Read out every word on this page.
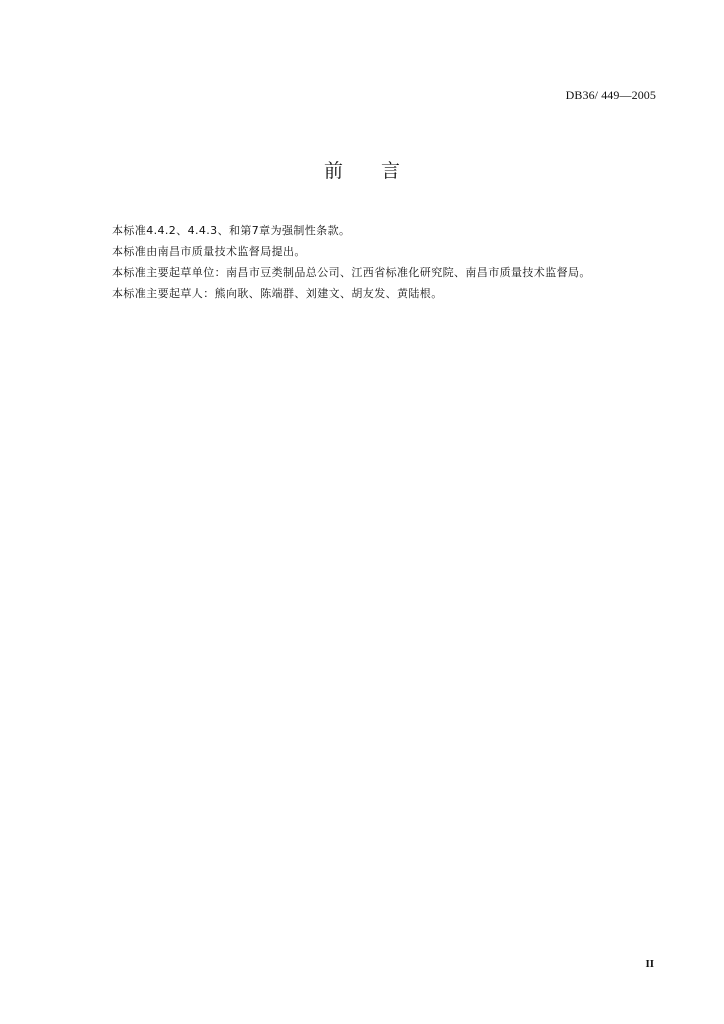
DB36/ 449—2005
前言
本标准4.4.2、4.4.3、和第7章为强制性条款。
本标准由南昌市质量技术监督局提出。
本标准主要起草单位：南昌市豆类制品总公司、江西省标准化研究院、南昌市质量技术监督局。
本标准主要起草人：熊向耿、陈端群、刘建文、胡友发、黄陆根。
II
